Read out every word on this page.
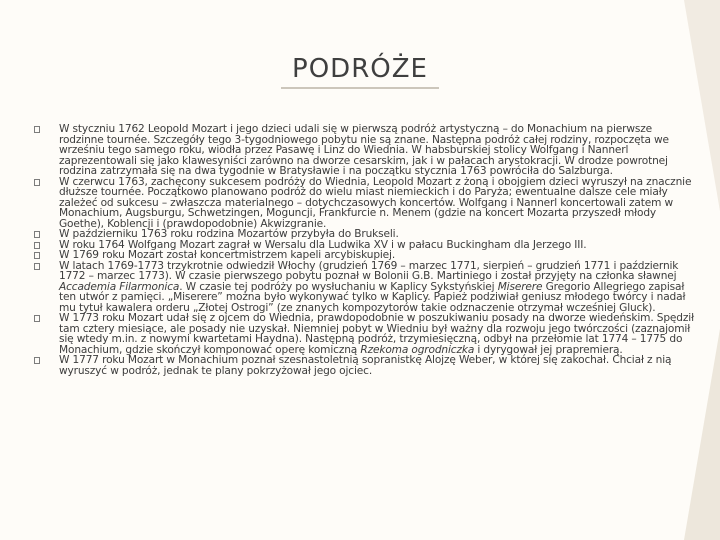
PODRÓŻE
W styczniu 1762 Leopold Mozart i jego dzieci udali się w pierwszą podróż artystyczną – do Monachium na pierwsze rodzinne tournée. Szczegóły tego 3-tygodniowego pobytu nie są znane. Następna podróż całej rodziny, rozpoczęta we wrześniu tego samego roku, wiodła przez Pasawę i Linz do Wiednia. W habsburskiej stolicy Wolfgang i Nannerl zaprezentowali się jako klawesyniści zarówno na dworze cesarskim, jak i w pałacach arystokracji. W drodze powrotnej rodzina zatrzymała się na dwa tygodnie w Bratysławie i na początku stycznia 1763 powróciła do Salzburga.
W czerwcu 1763, zachęcony sukcesem podróży do Wiednia, Leopold Mozart z żoną i obojgiem dzieci wyruszył na znacznie dłuższe tournée. Początkowo planowano podróż do wielu miast niemieckich i do Paryża; ewentualne dalsze cele miały zależeć od sukcesu – zwłaszcza materialnego – dotychczasowych koncertów. Wolfgang i Nannerl koncertowali zatem w Monachium, Augsburgu, Schwetzingen, Moguncji, Frankfurcie n. Menem (gdzie na koncert Mozarta przyszedł młody Goethe), Koblencji i (prawdopodobnie) Akwizgranie.
W październiku 1763 roku rodzina Mozartów przybyła do Brukseli.
W roku 1764 Wolfgang Mozart zagrał w Wersalu dla Ludwika XV i w pałacu Buckingham dla Jerzego III.
W 1769 roku Mozart został koncertmistrzem kapeli arcybiskupiej.
W latach 1769-1773 trzykrotnie odwiedził Włochy (grudzień 1769 – marzec 1771, sierpień – grudzień 1771 i październik 1772 – marzec 1773). W czasie pierwszego pobytu poznał w Bolonii G.B. Martiniego i został przyjęty na członka sławnej Accademia Filarmonica. W czasie tej podróży po wysłuchaniu w Kaplicy Sykstyńskiej Miserere Gregorio Allegriego zapisał ten utwór z pamięci. „Miserere” można było wykonywać tylko w Kaplicy. Papież podziwiał geniusz młodego twórcy i nadał mu tytuł kawalera orderu „Złotej Ostrogi” (ze znanych kompozytorów takie odznaczenie otrzymał wcześniej Gluck).
W 1773 roku Mozart udał się z ojcem do Wiednia, prawdopodobnie w poszukiwaniu posady na dworze wiedeńskim. Spędził tam cztery miesiące, ale posady nie uzyskał. Niemniej pobyt w Wiedniu był ważny dla rozwoju jego twórczości (zaznajomił się wtedy m.in. z nowymi kwartetami Haydna). Następną podróż, trzymiesięczną, odbył na przełomie lat 1774 – 1775 do Monachium, gdzie skończył komponować operę komiczną Rzekoma ogrodniczka i dyrygował jej prapremierą.
W 1777 roku Mozart w Monachium poznał szesnastoletnią sopranistkę Alojzę Weber, w której się zakochał. Chciał z nią wyruszyć w podróż, jednak te plany pokrzyżował jego ojciec.
